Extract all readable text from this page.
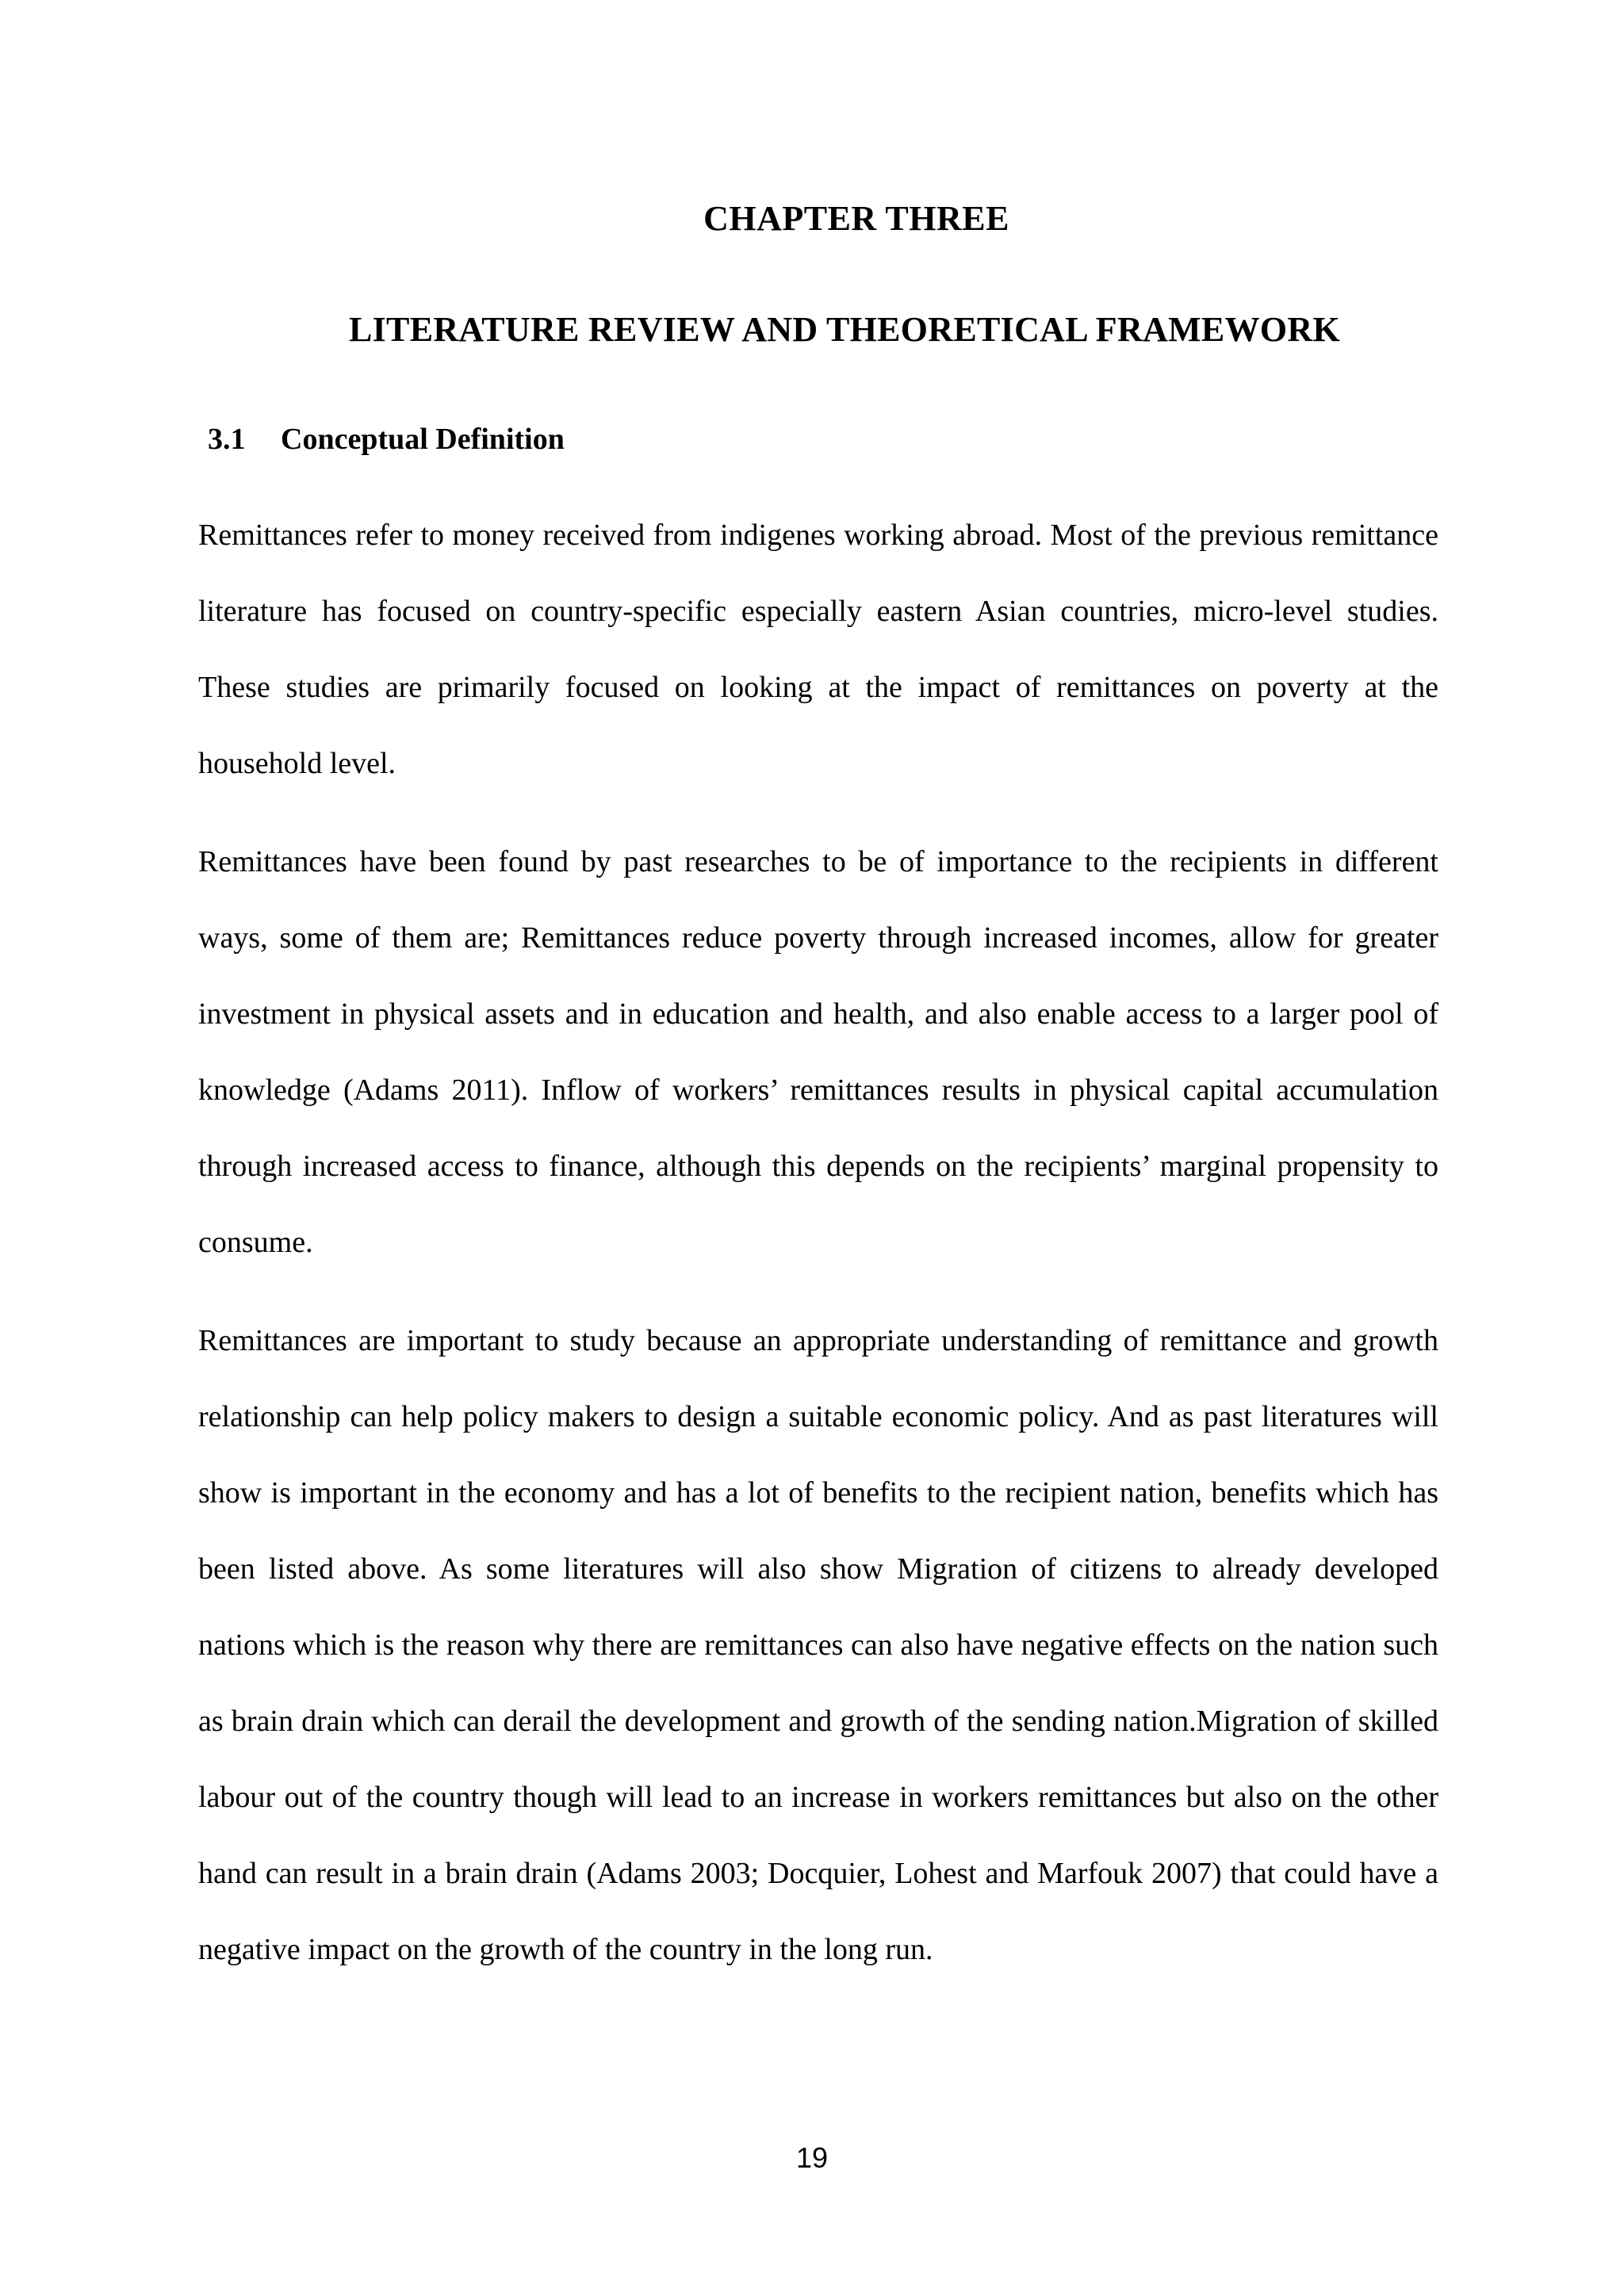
CHAPTER THREE
LITERATURE REVIEW AND THEORETICAL FRAMEWORK
3.1 Conceptual Definition

Remittances refer to money received from indigenes working abroad. Most of the previous remittance literature has focused on country-specific especially eastern Asian countries, micro-level studies. These studies are primarily focused on looking at the impact of remittances on poverty at the household level.

Remittances have been found by past researches to be of importance to the recipients in different ways, some of them are; Remittances reduce poverty through increased incomes, allow for greater investment in physical assets and in education and health, and also enable access to a larger pool of knowledge (Adams 2011). Inflow of workers’ remittances results in physical capital accumulation through increased access to finance, although this depends on the recipients’ marginal propensity to consume.

Remittances are important to study because an appropriate understanding of remittance and growth relationship can help policy makers to design a suitable economic policy. And as past literatures will show is important in the economy and has a lot of benefits to the recipient nation, benefits which has been listed above. As some literatures will also show Migration of citizens to already developed nations which is the reason why there are remittances can also have negative effects on the nation such as brain drain which can derail the development and growth of the sending nation.Migration of skilled labour out of the country though will lead to an increase in workers remittances but also on the other hand can result in a brain drain (Adams 2003; Docquier, Lohest and Marfouk 2007) that could have a negative impact on the growth of the country in the long run.

19
